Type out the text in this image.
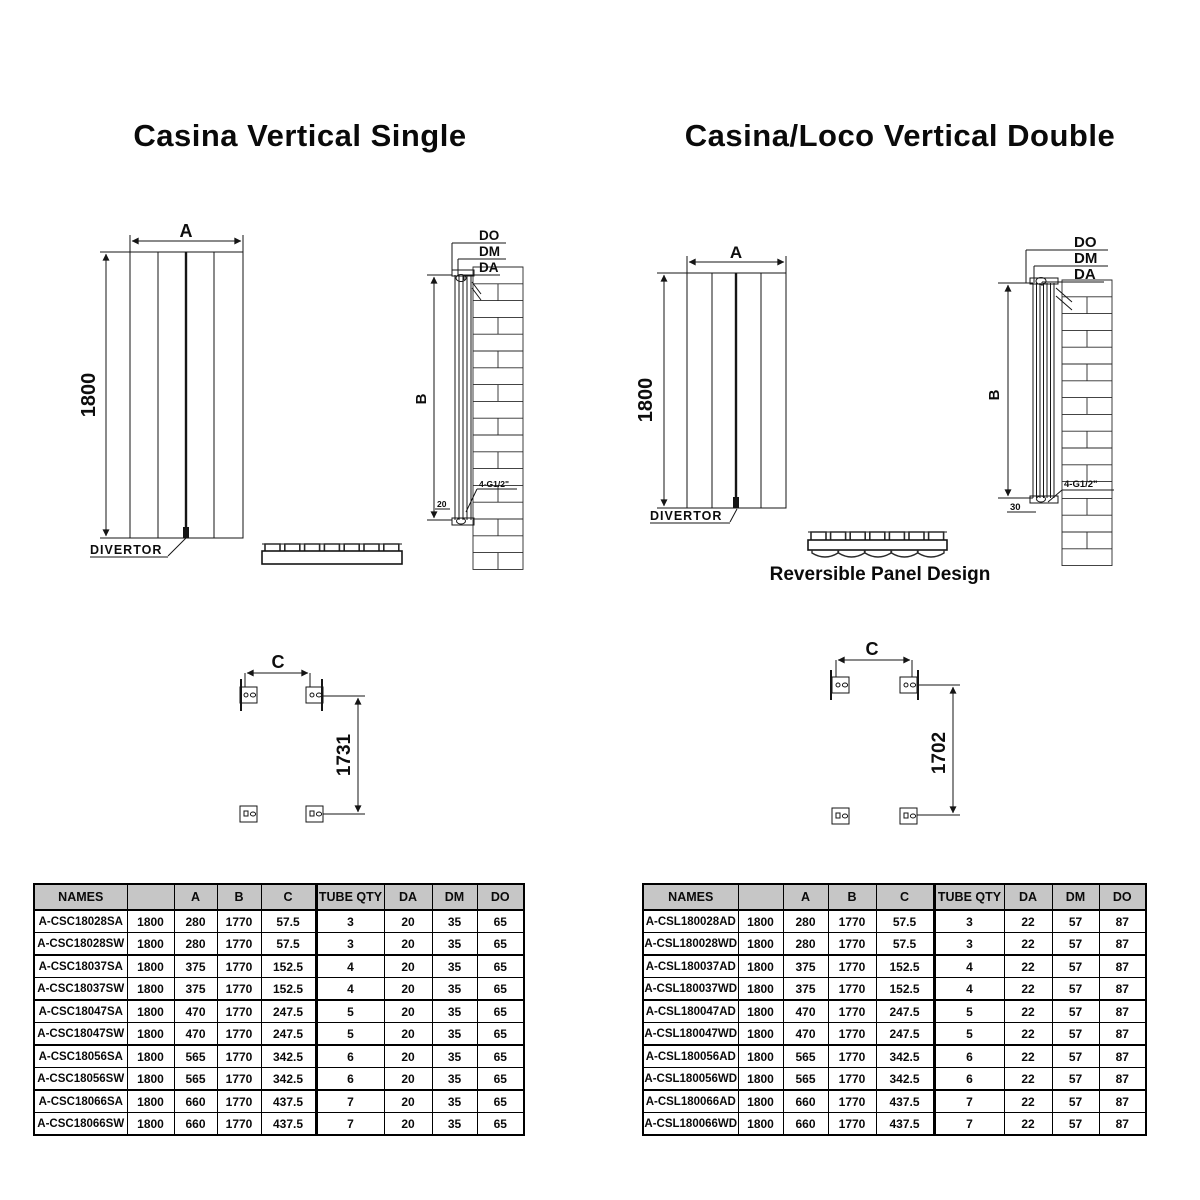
Casina Vertical Single	Casina/Loco Vertical Double
A
1800
DIVERTOR
DO
DM
DA
B
4-G1/2"
20
C
1731
A
1800
DIVERTOR
DO
DM
DA
B
4-G1/2"
30
C
1702
Reversible Panel Design
NAMES		A	B	C	TUBE QTY	DA	DM	DO
A-CSC18028SA	1800	280	1770	57.5	3	20	35	65
A-CSC18028SW	1800	280	1770	57.5	3	20	35	65
A-CSC18037SA	1800	375	1770	152.5	4	20	35	65
A-CSC18037SW	1800	375	1770	152.5	4	20	35	65
A-CSC18047SA	1800	470	1770	247.5	5	20	35	65
A-CSC18047SW	1800	470	1770	247.5	5	20	35	65
A-CSC18056SA	1800	565	1770	342.5	6	20	35	65
A-CSC18056SW	1800	565	1770	342.5	6	20	35	65
A-CSC18066SA	1800	660	1770	437.5	7	20	35	65
A-CSC18066SW	1800	660	1770	437.5	7	20	35	65
NAMES		A	B	C	TUBE QTY	DA	DM	DO
A-CSL180028AD	1800	280	1770	57.5	3	22	57	87
A-CSL180028WD	1800	280	1770	57.5	3	22	57	87
A-CSL180037AD	1800	375	1770	152.5	4	22	57	87
A-CSL180037WD	1800	375	1770	152.5	4	22	57	87
A-CSL180047AD	1800	470	1770	247.5	5	22	57	87
A-CSL180047WD	1800	470	1770	247.5	5	22	57	87
A-CSL180056AD	1800	565	1770	342.5	6	22	57	87
A-CSL180056WD	1800	565	1770	342.5	6	22	57	87
A-CSL180066AD	1800	660	1770	437.5	7	22	57	87
A-CSL180066WD	1800	660	1770	437.5	7	22	57	87
